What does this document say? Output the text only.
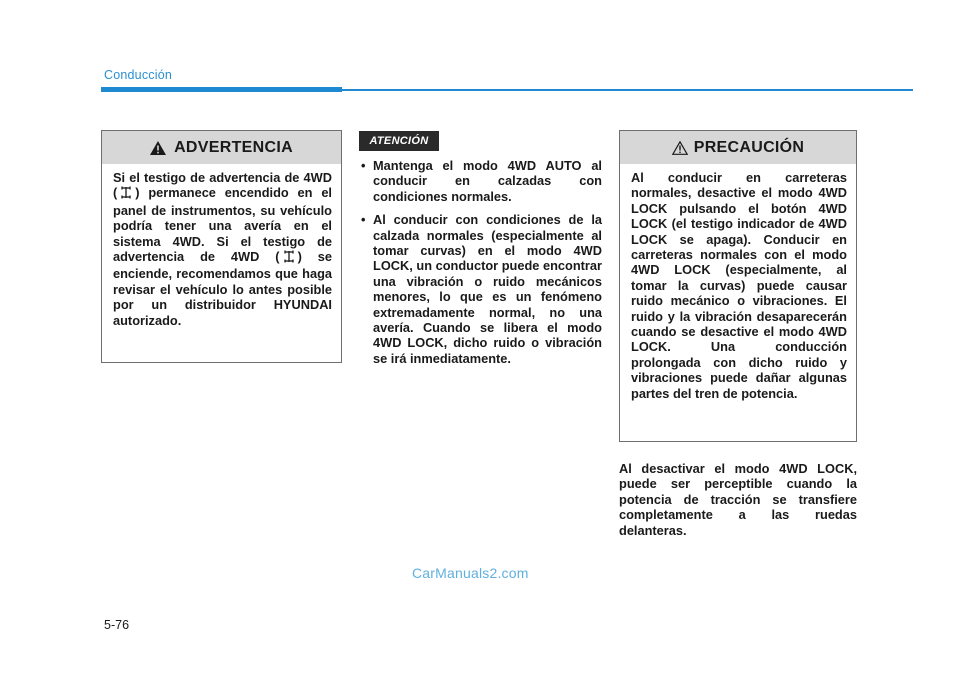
Conducción
ADVERTENCIA
Si el testigo de advertencia de 4WD ( ) permanece encendido en el panel de instrumentos, su vehículo podría tener una avería en el sistema 4WD. Si el testigo de advertencia de 4WD ( ) se enciende, recomendamos que haga revisar el vehículo lo antes posible por un distribuidor HYUNDAI autorizado.
ATENCIÓN
• Mantenga el modo 4WD AUTO al conducir en calzadas con condiciones normales.
• Al conducir con condiciones de la calzada normales (especialmente al tomar curvas) en el modo 4WD LOCK, un conductor puede encontrar una vibración o ruido mecánicos menores, lo que es un fenómeno extremadamente normal, no una avería. Cuando se libera el modo 4WD LOCK, dicho ruido o vibración se irá inmediatamente.
PRECAUCIÓN
Al conducir en carreteras normales, desactive el modo 4WD LOCK pulsando el botón 4WD LOCK (el testigo indicador de 4WD LOCK se apaga). Conducir en carreteras normales con el modo 4WD LOCK (especialmente, al tomar la curvas) puede causar ruido mecánico o vibraciones. El ruido y la vibración desaparecerán cuando se desactive el modo 4WD LOCK. Una conducción prolongada con dicho ruido y vibraciones puede dañar algunas partes del tren de potencia.
Al desactivar el modo 4WD LOCK, puede ser perceptible cuando la potencia de tracción se transfiere completamente a las ruedas delanteras.
CarManuals2.com
5-76
